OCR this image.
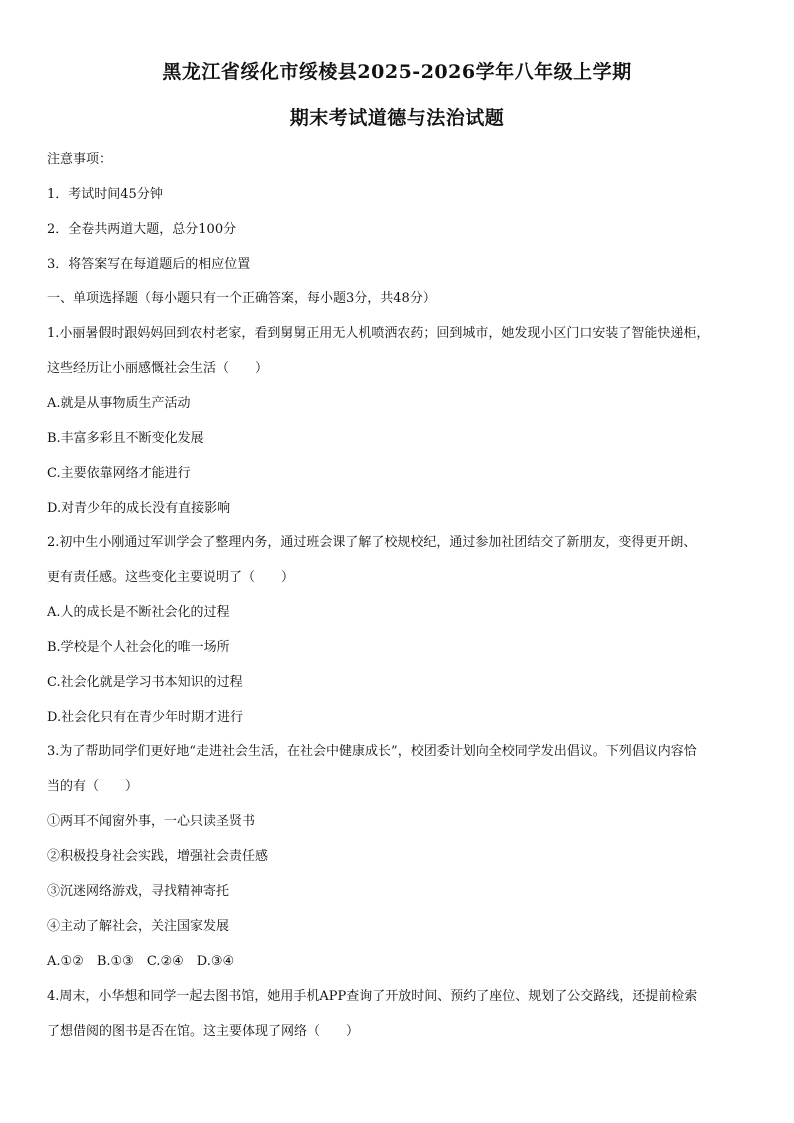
黑龙江省绥化市绥棱县2025-2026学年八年级上学期
期末考试道德与法治试题
注意事项：
1．考试时间45分钟
2．全卷共两道大题，总分100分
3．将答案写在每道题后的相应位置
一、单项选择题（每小题只有一个正确答案，每小题3分，共48分）
1.小丽暑假时跟妈妈回到农村老家，看到舅舅正用无人机喷洒农药；回到城市，她发现小区门口安装了智能快递柜，
这些经历让小丽感慨社会生活（　　）
A.就是从事物质生产活动
B.丰富多彩且不断变化发展
C.主要依靠网络才能进行
D.对青少年的成长没有直接影响
2.初中生小刚通过军训学会了整理内务，通过班会课了解了校规校纪，通过参加社团结交了新朋友，变得更开朗、
更有责任感。这些变化主要说明了（　　）
A.人的成长是不断社会化的过程
B.学校是个人社会化的唯一场所
C.社会化就是学习书本知识的过程
D.社会化只有在青少年时期才进行
3.为了帮助同学们更好地“走进社会生活，在社会中健康成长”，校团委计划向全校同学发出倡议。下列倡议内容恰
当的有（　　）
①两耳不闻窗外事，一心只读圣贤书
②积极投身社会实践，增强社会责任感
③沉迷网络游戏，寻找精神寄托
④主动了解社会，关注国家发展
A.①②　B.①③　C.②④　D.③④
4.周末，小华想和同学一起去图书馆，她用手机APP查询了开放时间、预约了座位、规划了公交路线，还提前检索
了想借阅的图书是否在馆。这主要体现了网络（　　）
